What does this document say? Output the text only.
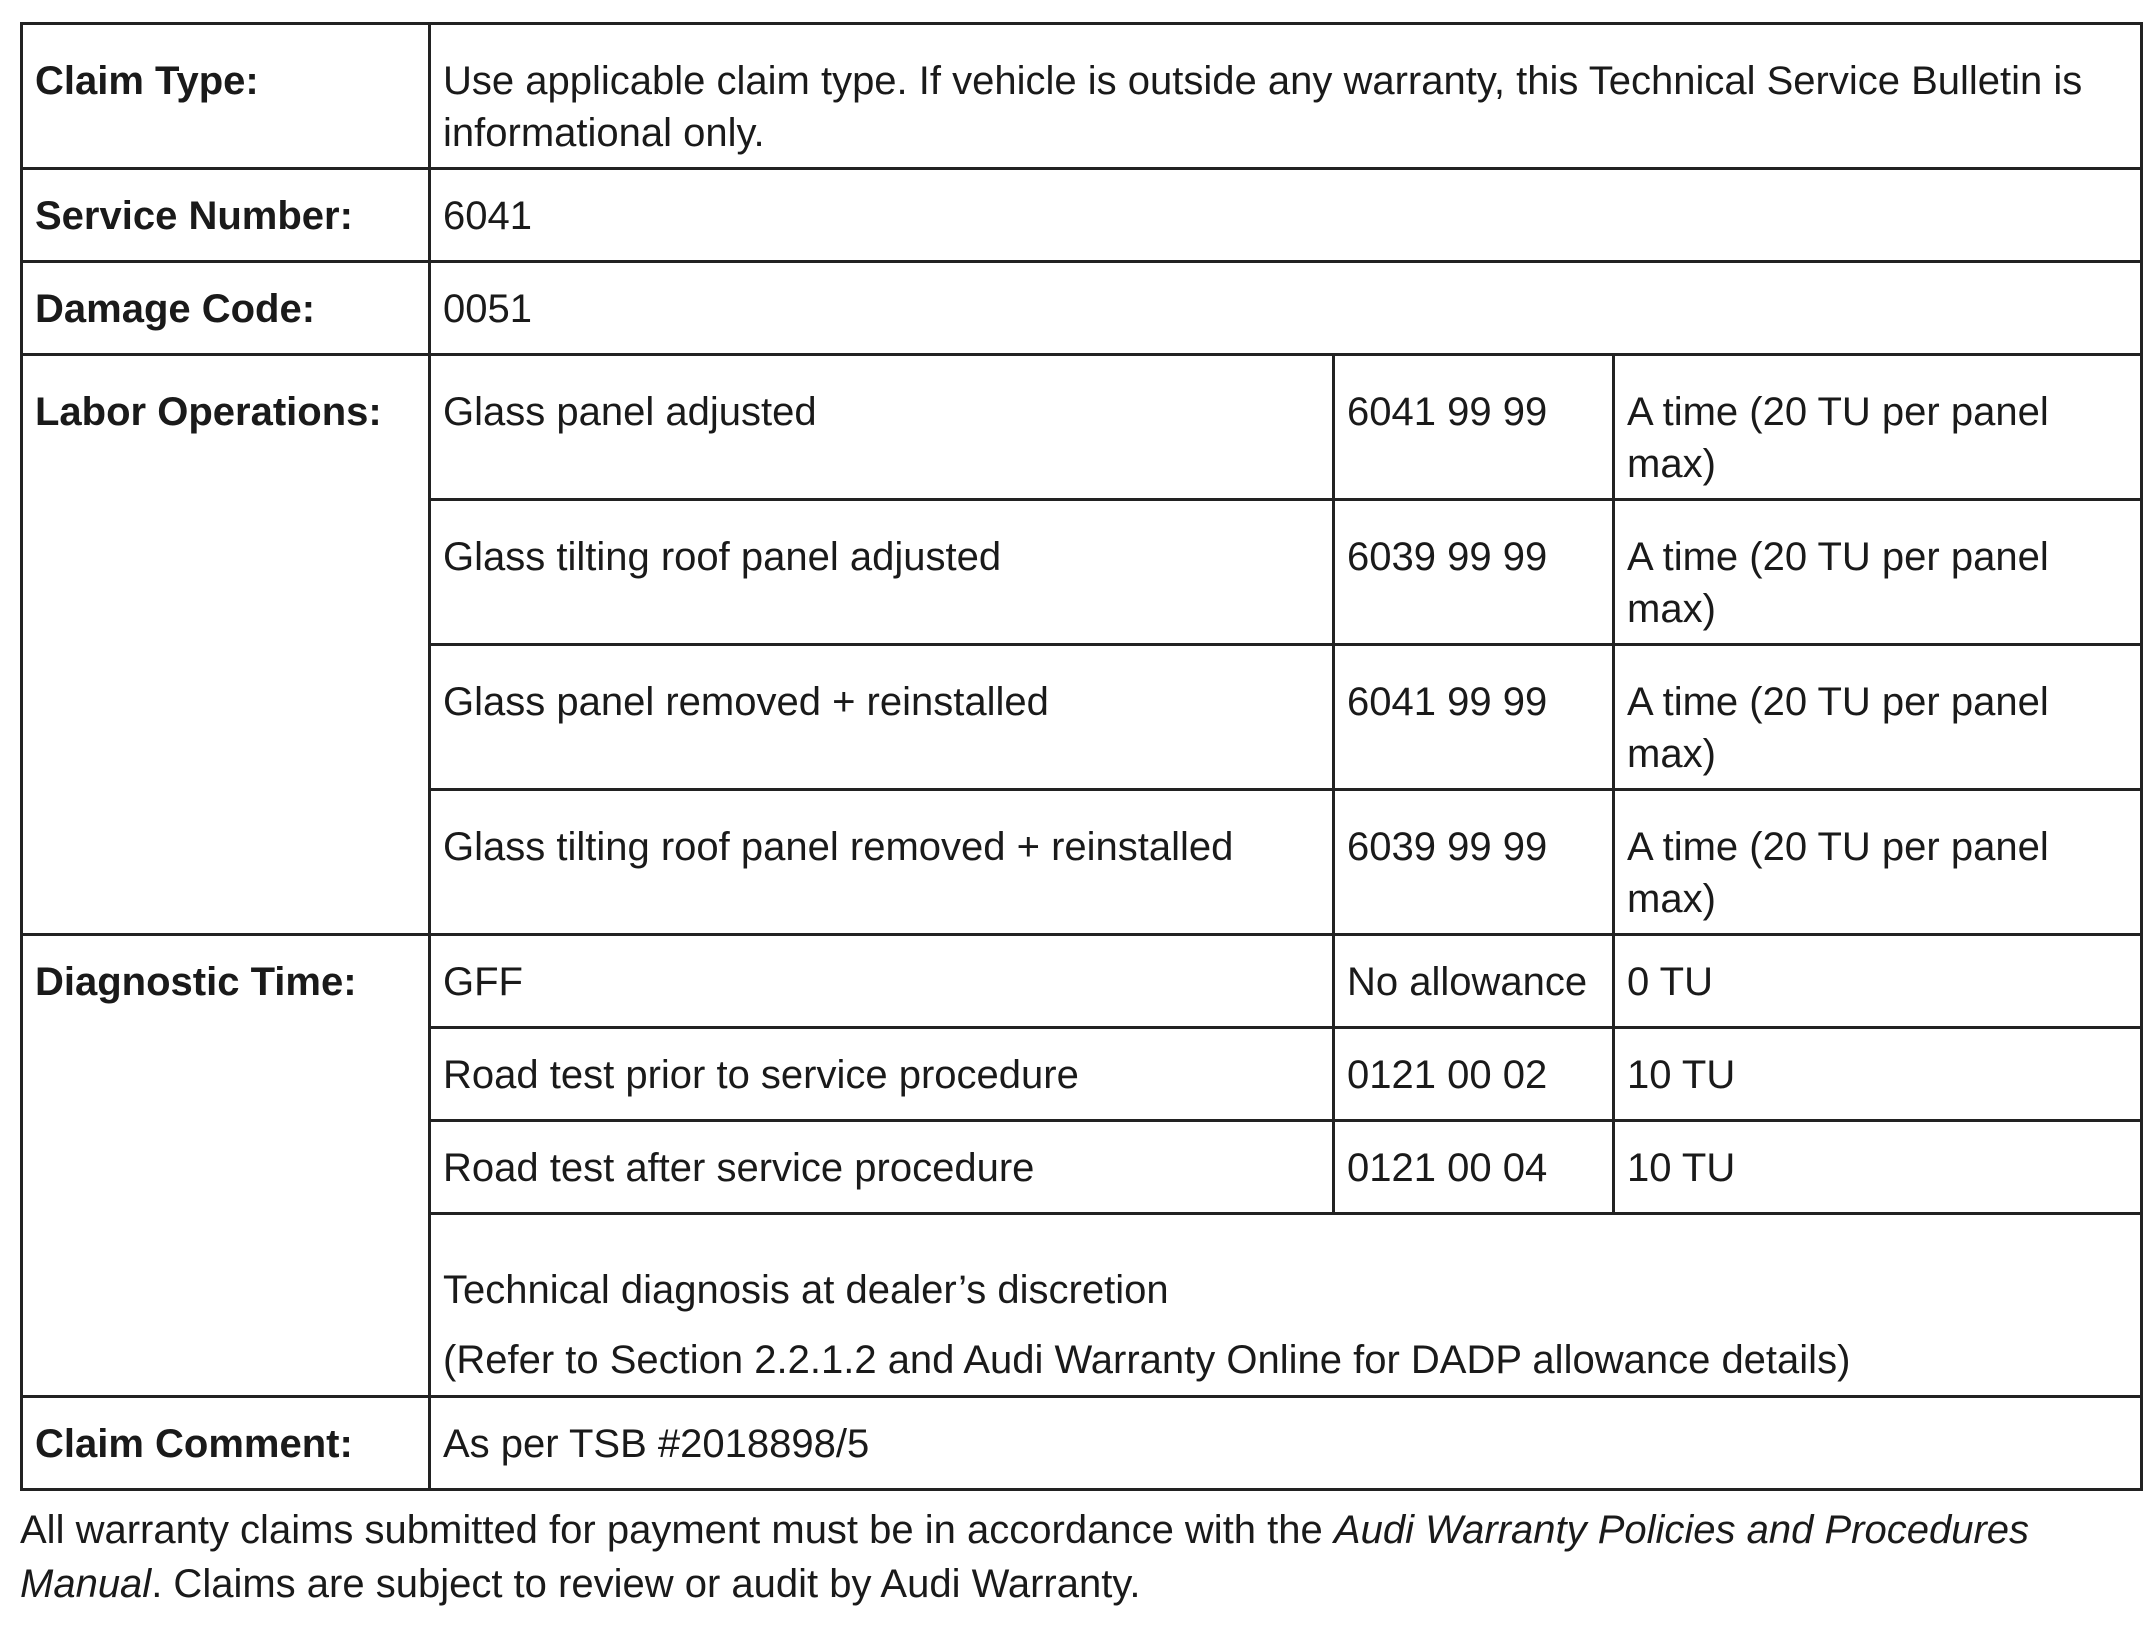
Claim Type:	Use applicable claim type. If vehicle is outside any warranty, this Technical Service Bulletin is informational only.		
Service Number:	6041		
Damage Code:	0051		
Labor Operations:	Glass panel adjusted	6041 99 99	A time (20 TU per panel max)
	Glass tilting roof panel adjusted	6039 99 99	A time (20 TU per panel max)
	Glass panel removed + reinstalled	6041 99 99	A time (20 TU per panel max)
	Glass tilting roof panel removed + reinstalled	6039 99 99	A time (20 TU per panel max)
Diagnostic Time:	GFF	No allowance	0 TU
	Road test prior to service procedure	0121 00 02	10 TU
	Road test after service procedure	0121 00 04	10 TU

	Technical diagnosis at dealer’s discretion
(Refer to Section 2.2.1.2 and Audi Warranty Online for DADP allowance details)		

Claim Comment:	As per TSB #2018898/5		

All warranty claims submitted for payment must be in accordance with the Audi Warranty Policies and Procedures Manual. Claims are subject to review or audit by Audi Warranty.
